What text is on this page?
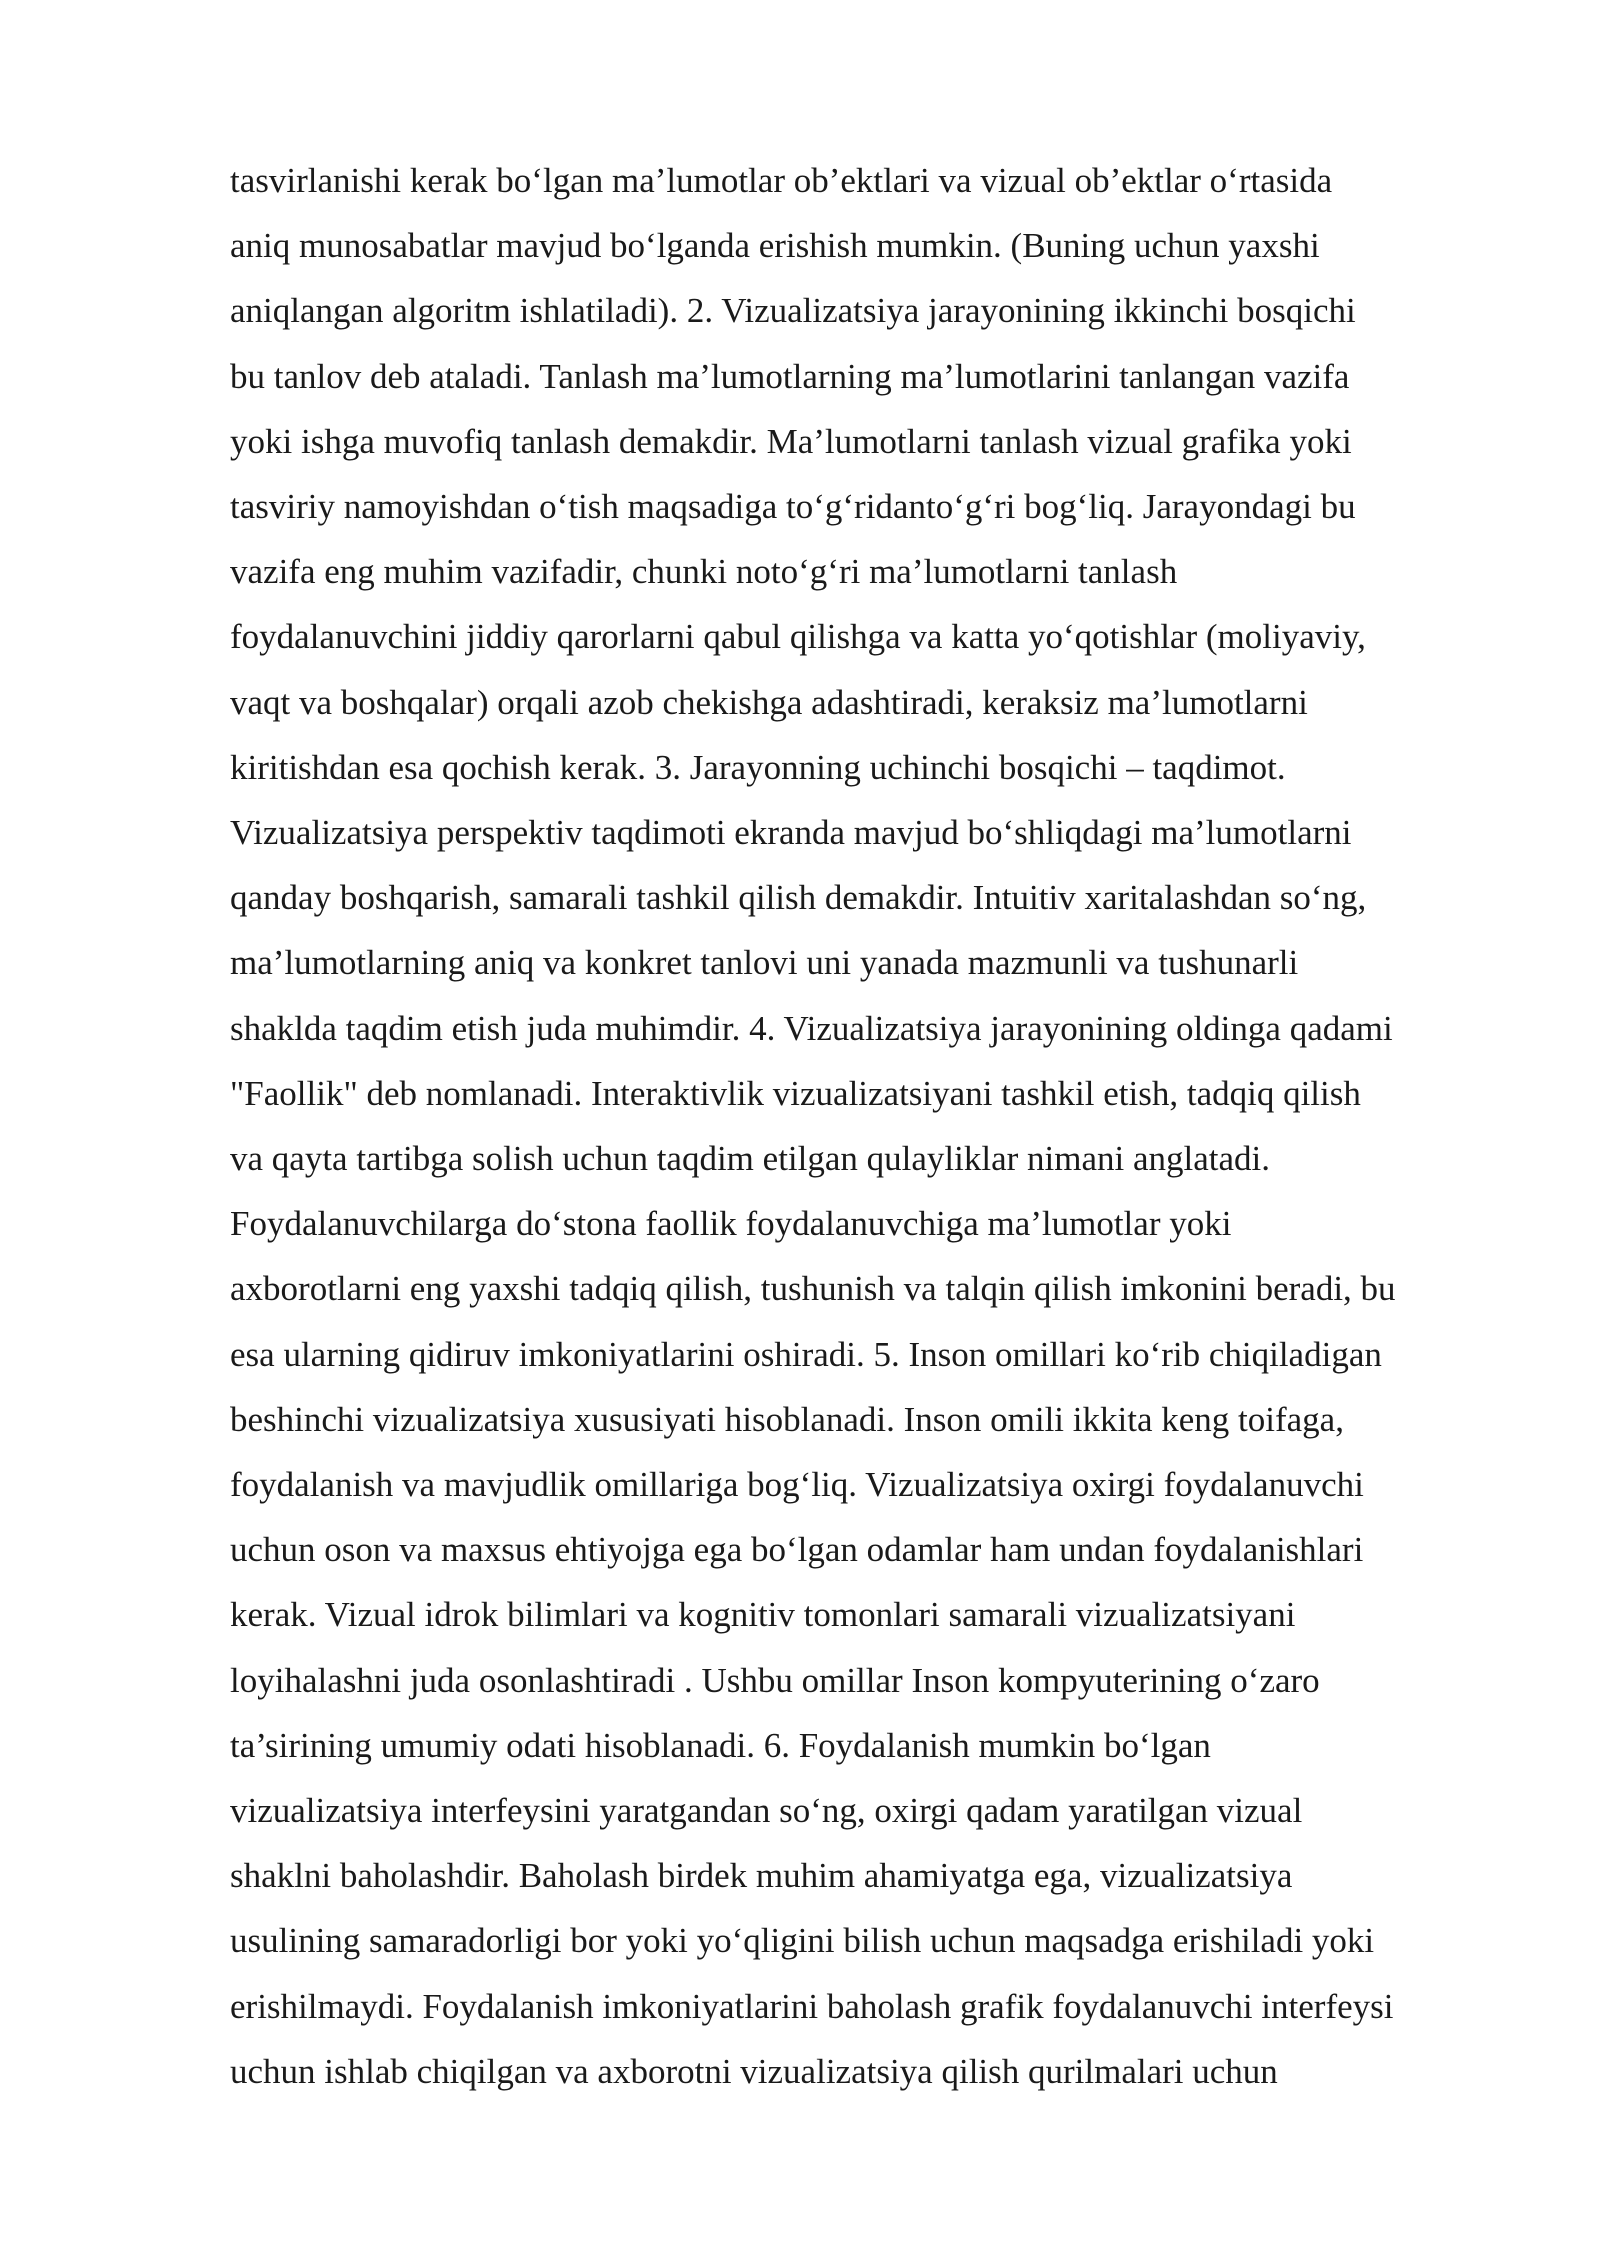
tasvirlanishi kerak bo‘lgan ma’lumotlar ob’ektlari va vizual ob’ektlar o‘rtasida
aniq munosabatlar mavjud bo‘lganda erishish mumkin. (Buning uchun yaxshi
aniqlangan algoritm ishlatiladi). 2. Vizualizatsiya jarayonining ikkinchi bosqichi
bu tanlov deb ataladi. Tanlash ma’lumotlarning ma’lumotlarini tanlangan vazifa
yoki ishga muvofiq tanlash demakdir. Ma’lumotlarni tanlash vizual grafika yoki
tasviriy namoyishdan o‘tish maqsadiga to‘g‘ridanto‘g‘ri bog‘liq. Jarayondagi bu
vazifa eng muhim vazifadir, chunki noto‘g‘ri ma’lumotlarni tanlash
foydalanuvchini jiddiy qarorlarni qabul qilishga va katta yo‘qotishlar (moliyaviy,
vaqt va boshqalar) orqali azob chekishga adashtiradi, keraksiz ma’lumotlarni
kiritishdan esa qochish kerak. 3. Jarayonning uchinchi bosqichi – taqdimot.
Vizualizatsiya perspektiv taqdimoti ekranda mavjud bo‘shliqdagi ma’lumotlarni
qanday boshqarish, samarali tashkil qilish demakdir. Intuitiv xaritalashdan so‘ng,
ma’lumotlarning aniq va konkret tanlovi uni yanada mazmunli va tushunarli
shakldа taqdim etish juda muhimdir. 4. Vizualizatsiya jarayonining oldinga qadami
"Faollik" deb nomlanadi. Interaktivlik vizualizatsiyani tashkil etish, tadqiq qilish
va qayta tartibga solish uchun taqdim etilgan qulayliklar nimani anglatadi.
Foydalanuvchilarga do‘stona faollik foydalanuvchiga ma’lumotlar yoki
axborotlarni eng yaxshi tadqiq qilish, tushunish va talqin qilish imkonini beradi, bu
esa ularning qidiruv imkoniyatlarini oshiradi. 5. Inson omillari ko‘rib chiqiladigan
beshinchi vizualizatsiya xususiyati hisoblanadi. Inson omili ikkita keng toifaga,
foydalanish va mavjudlik omillariga bog‘liq. Vizualizatsiya oxirgi foydalanuvchi
uchun oson va maxsus ehtiyojga ega bo‘lgan odamlar ham undan foydalanishlari
kerak. Vizual idrok bilimlari va kognitiv tomonlari samarali vizualizatsiyani
loyihalashni juda osonlashtiradi . Ushbu omillar Inson kompyuterining o‘zaro
ta’sirining umumiy odati hisoblanadi. 6. Foydalanish mumkin bo‘lgan
vizualizatsiya interfeysini yaratgandan so‘ng, oxirgi qadam yaratilgan vizual
shaklni baholashdir. Baholash birdek muhim ahamiyatga ega, vizualizatsiya
usulining samaradorligi bor yoki yo‘qligini bilish uchun maqsadga erishiladi yoki
erishilmaydi. Foydalanish imkoniyatlarini baholash grafik foydalanuvchi interfeysi
uchun ishlab chiqilgan va axborotni vizualizatsiya qilish qurilmalari uchun
